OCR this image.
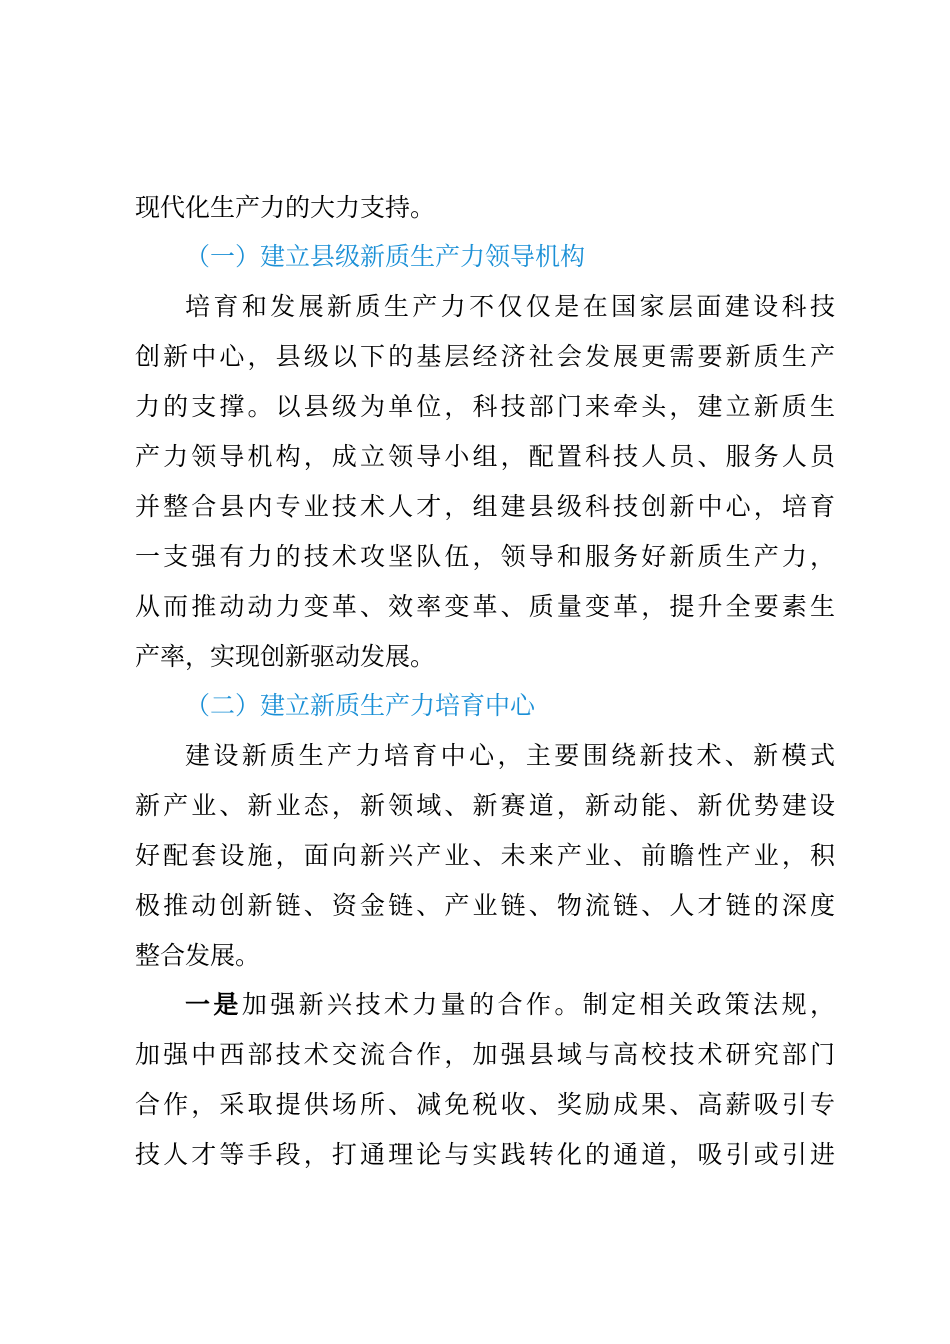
现代化生产力的大力支持。
（一）建立县级新质生产力领导机构
培育和发展新质生产力不仅仅是在国家层面建设科技
创新中心，县级以下的基层经济社会发展更需要新质生产
力的支撑。以县级为单位，科技部门来牵头，建立新质生
产力领导机构，成立领导小组，配置科技人员、服务人员
并整合县内专业技术人才，组建县级科技创新中心，培育
一支强有力的技术攻坚队伍，领导和服务好新质生产力，
从而推动动力变革、效率变革、质量变革，提升全要素生
产率，实现创新驱动发展。
（二）建立新质生产力培育中心
建设新质生产力培育中心，主要围绕新技术、新模式
新产业、新业态，新领域、新赛道，新动能、新优势建设
好配套设施，面向新兴产业、未来产业、前瞻性产业，积
极推动创新链、资金链、产业链、物流链、人才链的深度
整合发展。
一是加强新兴技术力量的合作。制定相关政策法规，
加强中西部技术交流合作，加强县域与高校技术研究部门
合作，采取提供场所、减免税收、奖励成果、高薪吸引专
技人才等手段，打通理论与实践转化的通道，吸引或引进
